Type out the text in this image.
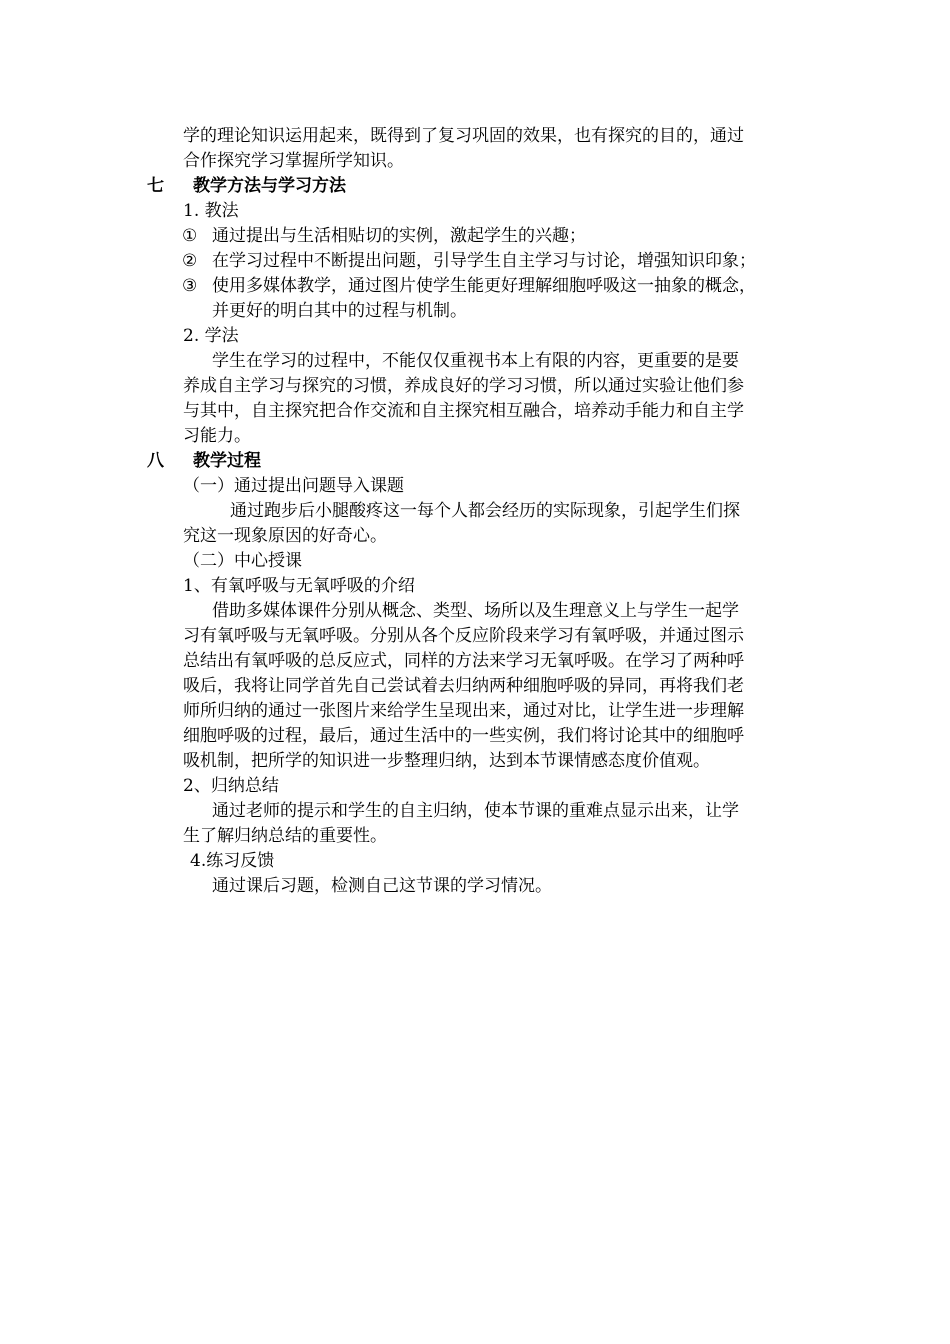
学的理论知识运用起来，既得到了复习巩固的效果，也有探究的目的，通过
合作探究学习掌握所学知识。
七 教学方法与学习方法
1. 教法
① 通过提出与生活相贴切的实例，激起学生的兴趣；
② 在学习过程中不断提出问题，引导学生自主学习与讨论，增强知识印象；
③ 使用多媒体教学，通过图片使学生能更好理解细胞呼吸这一抽象的概念，
并更好的明白其中的过程与机制。
2. 学法
学生在学习的过程中，不能仅仅重视书本上有限的内容，更重要的是要
养成自主学习与探究的习惯，养成良好的学习习惯，所以通过实验让他们参
与其中，自主探究把合作交流和自主探究相互融合，培养动手能力和自主学
习能力。
八 教学过程
（一）通过提出问题导入课题
通过跑步后小腿酸疼这一每个人都会经历的实际现象，引起学生们探
究这一现象原因的好奇心。
（二）中心授课
1、有氧呼吸与无氧呼吸的介绍
借助多媒体课件分别从概念、类型、场所以及生理意义上与学生一起学
习有氧呼吸与无氧呼吸。分别从各个反应阶段来学习有氧呼吸，并通过图示
总结出有氧呼吸的总反应式，同样的方法来学习无氧呼吸。在学习了两种呼
吸后，我将让同学首先自己尝试着去归纳两种细胞呼吸的异同，再将我们老
师所归纳的通过一张图片来给学生呈现出来，通过对比，让学生进一步理解
细胞呼吸的过程，最后，通过生活中的一些实例，我们将讨论其中的细胞呼
吸机制，把所学的知识进一步整理归纳，达到本节课情感态度价值观。
2、归纳总结
通过老师的提示和学生的自主归纳，使本节课的重难点显示出来，让学
生了解归纳总结的重要性。
4.练习反馈
通过课后习题，检测自己这节课的学习情况。
